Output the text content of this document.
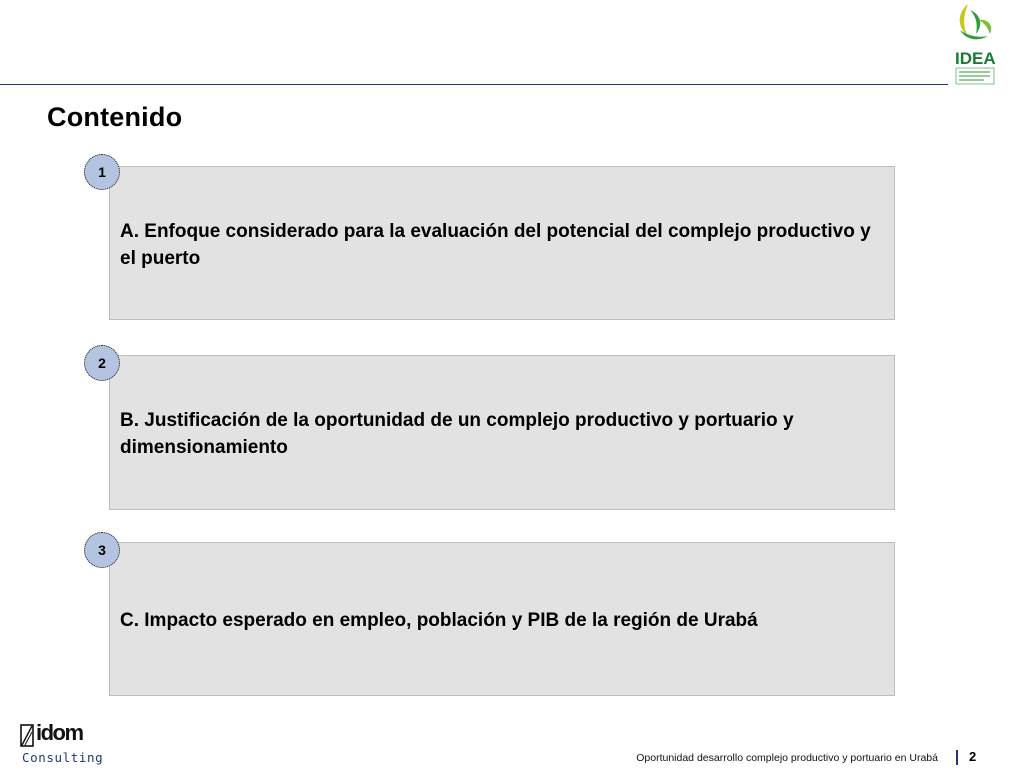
IDEA
Contenido
A. Enfoque considerado para la evaluación del potencial del complejo productivo y el puerto
1
B. Justificación de la oportunidad de un complejo productivo y portuario y dimensionamiento
2
C. Impacto esperado en empleo, población y PIB de la región de Urabá
3
idom
Consulting	Oportunidad desarrollo complejo productivo y portuario en Urabá 2
